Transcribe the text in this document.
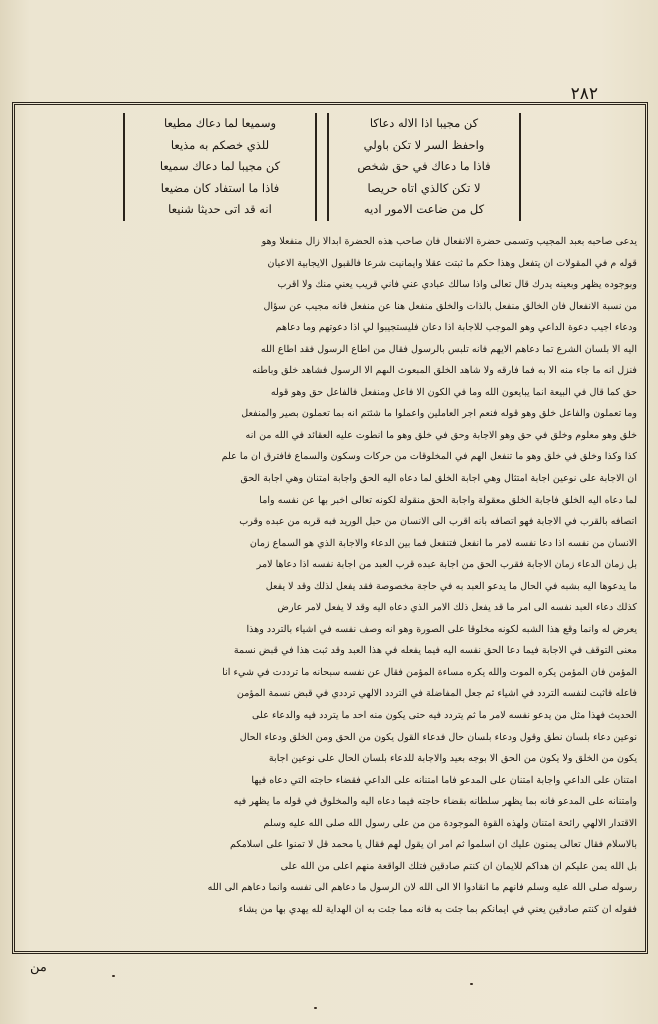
٢٨٢
كن مجيبا اذا الاله دعاكا
واحفظ السر لا تكن باولي
فاذا ما دعاك في حق شخص
لا تكن كالذي اتاه حريصا
كل من ضاعت الامور اديه
وسميعا لما دعاك مطيعا
للذي خصكم به مذيعا
كن مجيبا لما دعاك سميعا
فاذا ما استفاد كان مضيعا
انه قد اتى حديثا شنيعا
يدعى صاحبه بعبد المجيب وتسمى حضرة الانفعال فان صاحب هذه الحضرة ابدالا زال منفعلا وهو
قوله م في المقولات ان يتفعل وهذا حكم ما ثبتت عقلا وايمانيت شرعا فالقبول الايجابية الاعيان
وبوجوده يظهر وبعينه يدرك قال تعالى واذا سالك عبادي عني فاني قريب يعني منك ولا اقرب
من نسبة الانفعال فان الخالق منفعل بالذات والخلق منفعل هنا عن منفعل فانه مجيب عن سؤال
ودعاء اجيب دعوة الداعي وهو الموجب للاجابة اذا دعان فليستجيبوا لي اذا دعوتهم وما دعاهم
اليه الا بلسان الشرع تما دعاهم الايهم فانه تلبس بالرسول فقال من اطاع الرسول فقد اطاع الله
فنزل انه ما جاء منه الا به فما فارقه ولا شاهد الخلق المبعوث الىهم الا الرسول فشاهد خلق وباطنه
حق كما قال في البيعة انما يبايعون الله وما في الكون الا فاعل ومنفعل فالفاعل حق وهو قوله
وما تعملون والفاعل خلق وهو قوله فنعم اجر العاملين واعملوا ما شئتم انه بما تعملون بصير والمنفعل
خلق وهو معلوم وخلق في حق وهو الاجابة وحق في خلق وهو ما انطوت عليه العقائد في الله من انه
كذا وكذا وخلق في خلق وهو ما تنفعل الهم في المخلوقات من حركات وسكون والسماع فافترق ان ما علم
ان الاجابة على نوعين اجابة امتثال وهي اجابة الخلق لما دعاه اليه الحق واجابة امتنان وهي اجابة الحق
لما دعاه اليه الخلق فاجابة الخلق معقولة واجابة الحق منقولة لكونه تعالى اخبر بها عن نفسه واما
اتصافه بالقرب في الاجابة فهو اتصافه بانه اقرب الى الانسان من حبل الوريد فبه قربه من عبده وقرب
الانسان من نفسه اذا دعا نفسه لامر ما انفعل فتنفعل فما بين الدعاء والاجابة الذي هو السماع زمان
بل زمان الدعاء زمان الاجابة فقرب الحق من اجابة عبده قرب العبد من اجابة نفسه اذا دعاها لامر
ما يدعوها اليه بشبه في الحال ما يدعو العبد به في حاجة مخصوصة فقد يفعل لذلك وقد لا يفعل
كذلك دعاء العبد نفسه الى امر ما قد يفعل ذلك الامر الذي دعاه اليه وقد لا يفعل لامر عارض
يعرض له وانما وقع هذا الشبه لكونه مخلوقا على الصورة وهو انه وصف نفسه في اشياء بالتردد وهذا
معنى التوقف في الاجابة فيما دعا الحق نفسه اليه فيما يفعله في هذا العبد وقد ثبت هذا في قبض نسمة
المؤمن فان المؤمن يكره الموت والله يكره مساءة المؤمن فقال عن نفسه سبحانه ما ترددت في شيء انا
فاعله فاثبت لنفسه التردد في اشياء ثم جعل المفاضلة في التردد الالهي ترددي في قبض نسمة المؤمن
الحديث فهذا مثل من يدعو نفسه لامر ما ثم يتردد فيه حتى يكون منه احد ما يتردد فيه والدعاء على
نوعين دعاء بلسان نطق وقول ودعاء بلسان حال فدعاء القول يكون من الحق ومن الخلق ودعاء الحال
يكون من الخلق ولا يكون من الحق الا بوجه بعيد والاجابة للدعاء بلسان الحال على نوعين اجابة
امتنان على الداعي واجابة امتنان على المدعو فاما امتنانه على الداعي فقضاء حاجته التي دعاه فيها
وامتنانه على المدعو فانه بما يظهر سلطانه بقضاء حاجته فيما دعاه اليه والمخلوق في قوله ما يظهر فيه
الاقتدار الالهي رائحة امتنان ولهذه القوة الموجودة من من على رسول الله صلى الله عليه وسلم
بالاسلام فقال تعالى يمنون عليك ان اسلموا ثم امر ان يقول لهم فقال يا محمد قل لا تمنوا على اسلامكم
بل الله يمن عليكم ان هداكم للايمان ان كنتم صادقين فتلك الواقعة منهم اعلى من الله على
رسوله صلى الله عليه وسلم فانهم ما انقادوا الا الى الله لان الرسول ما دعاهم الى نفسه وانما دعاهم الى الله
فقوله ان كنتم صادقين يعني في ايمانكم بما جئت به فانه مما جئت به ان الهداية لله يهدي بها من يشاء
من
